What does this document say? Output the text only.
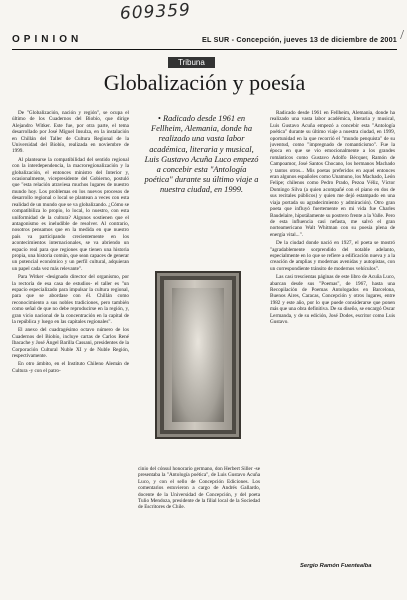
609359
/
OPINION	EL SUR - Concepción, jueves 13 de diciembre de 2001
Tribuna
Globalización y poesía

De "Globalización, nación y región", se ocupa el último de los Cuadernos del Biobío, que dirige Alejandro Witker. Este fue, por otra parte, el tema desarrollado por José Miguel Insulza, en la instalación en Chillán del Taller de Cultura Regional de la Universidad del Biobío, realizada en noviembre de 1999.

Al plantearse la compatibilidad del sentido regional con la interdependencia, la macroregionalización y la globalización, el entonces ministro del Interior y, ocasionalmente, vicepresidente del Gobierno, postuló que "esta relación atraviesa muchos lugares de nuestro mundo hoy. Los problemas en los nuevos procesos de desarrollo regional o local se plantean a veces con esta realidad de un mundo que se va globalizando. ¿Cómo se compatibiliza lo propio, lo local, lo nuestro, con esta uniformidad de la cultura? Algunos sostienen que el antagonismo es ineludible de resolver. Al contrario, nosotros pensamos que en la medida en que nuestro país va participando crecientemente en los acontecimientos internacionales, se va abriendo un espacio real para que regiones que tienen una historia propia, una historia común, que sean capaces de generar un potencial económico y un perfil cultural, adquieran un papel cada vez más relevante".

Para Witker -designado director del organismo, por la rectoría de esa casa de estudios- el taller es "un espacio especializado para impulsar la cultura regional, para que se abordase con él. Chillán como reconocimiento a sus nobles tradiciones, pero también como señal de que no debe reproducirse en la región, y, gran vicio nacional de la concentración en la capital de la república y luego en las capitales regionales".

El anexo del cuadragésimo octavo número de los Cuadernos del Biobío, incluye cartas de Carlos René Ibacache y José Ángel Barilla Cassani, presidentes de la Corporación Cultural Nuble XI y de Nuble Región, respectivamente.

En otro ámbito, en el Instituto Chileno Alemán de Cultura -y con el patro-

• Radicado desde 1961 en Fellheim, Alemania, donde ha realizado una vasta labor académica, literaria y musical, Luis Gustavo Acuña Luco empezó a concebir esta "Antología poética" durante su último viaje a nuestra ciudad, en 1999.

cinio del cónsul honorario germano, don Herbert Siller -se presentaba la "Antología poética", de Luis Gustavo Acuña Luco, y con el sello de Concepción Ediciones. Los comentarios estuvieron a cargo de Andrés Gallardo, docente de la Universidad de Concepción, y del poeta Tulio Mendoza, presidente de la filial local de la Sociedad de Escritores de Chile.

Radicado desde 1961 en Fellheim, Alemania, donde ha realizado una vasta labor académica, literaria y musical, Luis Gustavo Acuña empezó a concebir esta "Antología poética" durante su último viaje a nuestra ciudad, en 1999, oportunidad en la que recorrió el "mundo penquista" de su juventud, como "impregnado de romanticismo". Fue la época en que se vio emocionalmente a los grandes románticos como Gustavo Adolfo Bécquer, Ramón de Campoamor, José Santos Chocano, los hermanos Machado y tantos otros... Mis poetas preferidos en aquel entonces eran algunos españoles como Unamuno, los Machado, León Felipe; chilenos como Pedro Prado, Pezoa Véliz, Víctor Domingo Silva (a quien acompañé con el piano en dos de sus recitales públicos) y quien me dejó estampado en una viaja portada su agradecimiento y admiración). Otro gran poeta que influyó fuertemente en mi vida fue Charles Baudelaire, hipotálamente su postrero frente a la Valle. Pero de esta influencia casi nefasta, me salvó el gran norteamericano Walt Whitman con su poesía plena de energía vital...".

De la ciudad donde nació en 1927, el poeta se mostró "agradablemente sorprendido del notable adelanto, especialmente en lo que se refiere a edificación nueva y a la creación de amplias y modernas avenidas y autopistas, con un correspondiente tránsito de modernos vehículos".

Las casi trescientas páginas de este libro de Acuña Luco, abarcan desde sus "Poemas", de 1967, hasta una Recopilación de Poemas Antologados en Barcelona, Buenos Aires, Caracas, Concepción y otros lugares, entre 1982 y este año, por lo que puede considerarse que ponen más que una obra definitiva. De su diseño, se encargó Oscar Lermanda, y de su edición, José Dodes, escritor como Luis Gustavo.

Sergio Ramón Fuentealba
